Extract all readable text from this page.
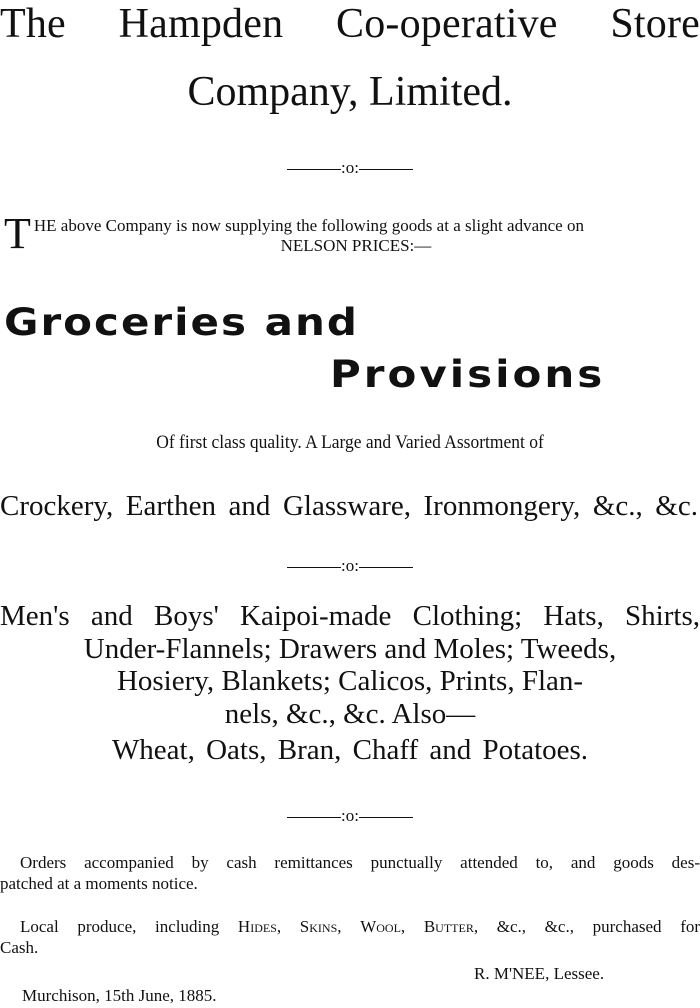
The Hampden Co-operative Store
Company, Limited.
:o:
T HE above Company is now supplying the following goods at a slight advance on
NELSON PRICES:—
Groceries and
Provisions
Of first class quality. A Large and Varied Assortment of
Crockery, Earthen and Glassware, Ironmongery, &c., &c.
:o:
Men's and Boys' Kaipoi-made Clothing; Hats, Shirts,
Under-Flannels; Drawers and Moles; Tweeds,
Hosiery, Blankets; Calicos, Prints, Flan-
nels, &c., &c. Also—
Wheat, Oats, Bran, Chaff and Potatoes.
:o:
Orders accompanied by cash remittances punctually attended to, and goods des-
patched at a moments notice.
Local produce, including Hides, Skins, Wool, Butter, &c., &c., purchased for
Cash.
R. M'NEE, Lessee.
Murchison, 15th June, 1885.
